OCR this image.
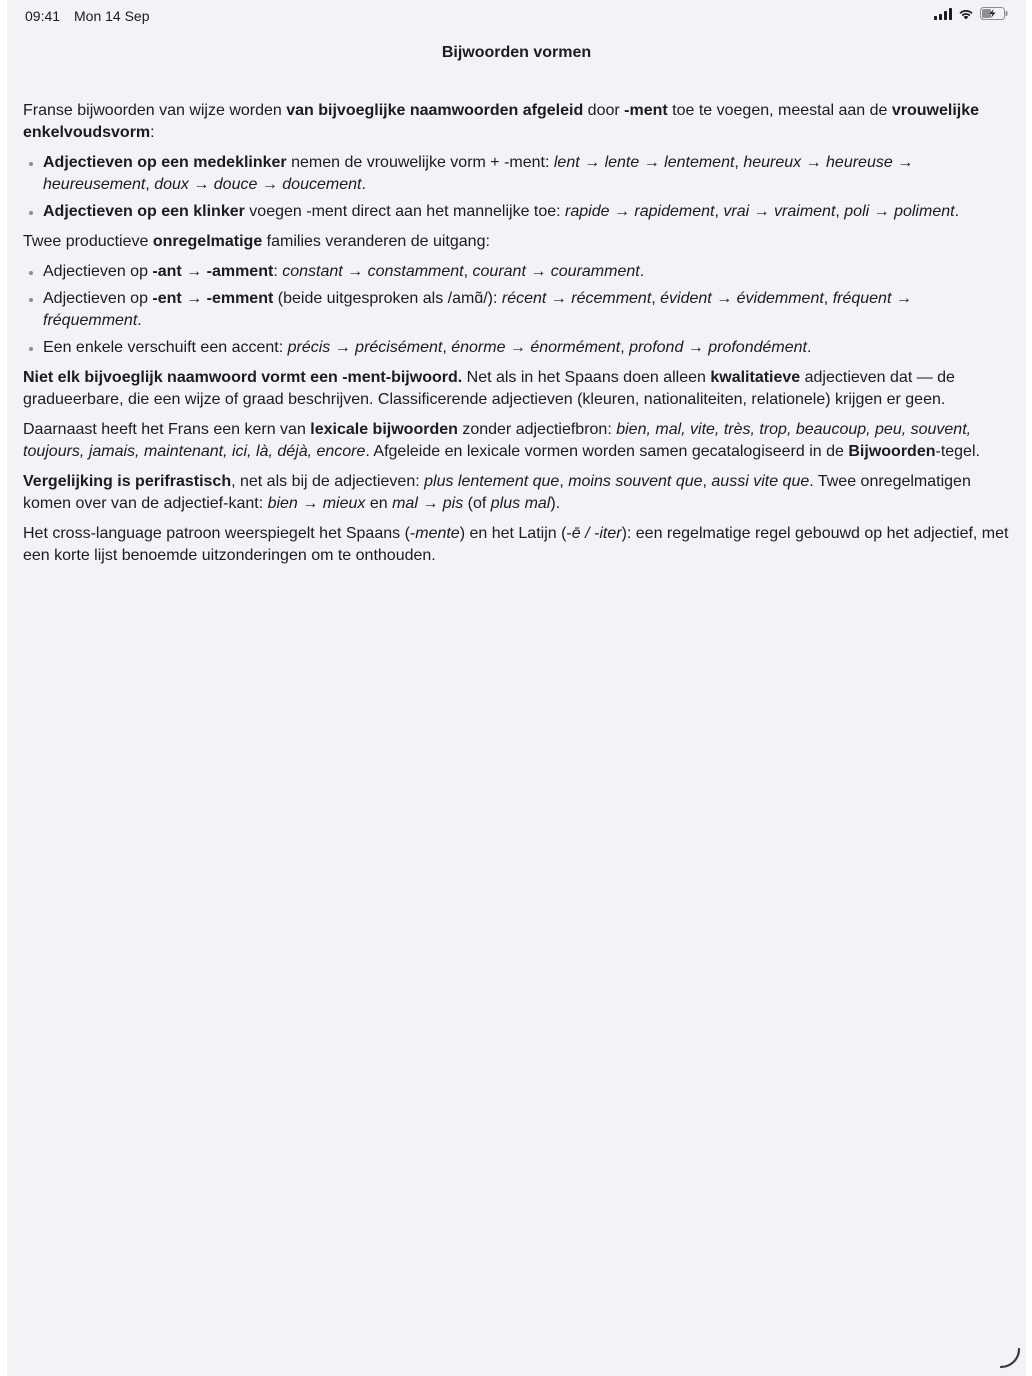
09:41 Mon 14 Sep
Bijwoorden vormen

Franse bijwoorden van wijze worden van bijvoeglijke naamwoorden afgeleid door -ment toe te voegen, meestal aan de vrouwelijke enkelvoudsvorm:

Adjectieven op een medeklinker nemen de vrouwelijke vorm + -ment: lent → lente → lentement, heureux → heureuse → heureusement, doux → douce → doucement.
Adjectieven op een klinker voegen -ment direct aan het mannelijke toe: rapide → rapidement, vrai → vraiment, poli → poliment.

Twee productieve onregelmatige families veranderen de uitgang:

Adjectieven op -ant → -amment: constant → constamment, courant → couramment.
Adjectieven op -ent → -emment (beide uitgesproken als /amɑ̃/): récent → récemment, évident → évidemment, fréquent → fréquemment.
Een enkele verschuift een accent: précis → précisément, énorme → énormément, profond → profondément.

Niet elk bijvoeglijk naamwoord vormt een -ment-bijwoord. Net als in het Spaans doen alleen kwalitatieve adjectieven dat — de gradueerbare, die een wijze of graad beschrijven. Classificerende adjectieven (kleuren, nationaliteiten, relationele) krijgen er geen.

Daarnaast heeft het Frans een kern van lexicale bijwoorden zonder adjectiefbron: bien, mal, vite, très, trop, beaucoup, peu, souvent, toujours, jamais, maintenant, ici, là, déjà, encore. Afgeleide en lexicale vormen worden samen gecatalogiseerd in de Bijwoorden-tegel.

Vergelijking is perifrastisch, net als bij de adjectieven: plus lentement que, moins souvent que, aussi vite que. Twee onregelmatigen komen over van de adjectief-kant: bien → mieux en mal → pis (of plus mal).

Het cross-language patroon weerspiegelt het Spaans (-mente) en het Latijn (-ē / -iter): een regelmatige regel gebouwd op het adjectief, met een korte lijst benoemde uitzonderingen om te onthouden.
